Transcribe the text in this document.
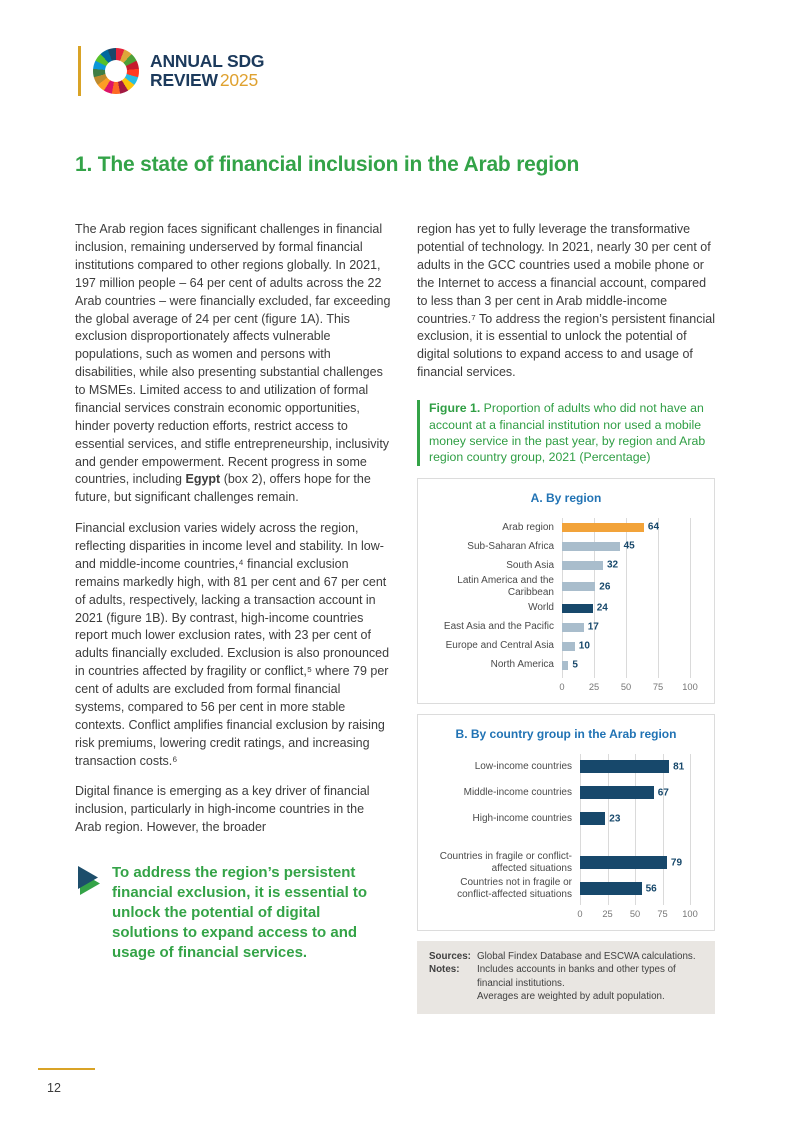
ANNUAL SDG
REVIEW 2025
1. The state of financial inclusion in the Arab region

The Arab region faces significant challenges in financial inclusion, remaining underserved by formal financial institutions compared to other regions globally. In 2021, 197 million people – 64 per cent of adults across the 22 Arab countries – were financially excluded, far exceeding the global average of 24 per cent (figure 1A). This exclusion disproportionately affects vulnerable populations, such as women and persons with disabilities, while also presenting substantial challenges to MSMEs. Limited access to and utilization of formal financial services constrain economic opportunities, hinder poverty reduction efforts, restrict access to essential services, and stifle entrepreneurship, inclusivity and gender empowerment. Recent progress in some countries, including Egypt (box 2), offers hope for the future, but significant challenges remain.

Financial exclusion varies widely across the region, reflecting disparities in income level and stability. In low- and middle-income countries,⁴ financial exclusion remains markedly high, with 81 per cent and 67 per cent of adults, respectively, lacking a transaction account in 2021 (figure 1B). By contrast, high-income countries report much lower exclusion rates, with 23 per cent of adults financially excluded. Exclusion is also pronounced in countries affected by fragility or conflict,⁵ where 79 per cent of adults are excluded from formal financial systems, compared to 56 per cent in more stable contexts. Conflict amplifies financial exclusion by raising risk premiums, lowering credit ratings, and increasing transaction costs.⁶

Digital finance is emerging as a key driver of financial inclusion, particularly in high-income countries in the Arab region. However, the broader

To address the region’s persistent financial exclusion, it is essential to unlock the potential of digital solutions to expand access to and usage of financial services.

region has yet to fully leverage the transformative potential of technology. In 2021, nearly 30 per cent of adults in the GCC countries used a mobile phone or the Internet to access a financial account, compared to less than 3 per cent in Arab middle-income countries.⁷ To address the region’s persistent financial exclusion, it is essential to unlock the potential of digital solutions to expand access to and usage of financial services.

Figure 1. Proportion of adults who did not have an account at a financial institution nor used a mobile money service in the past year, by region and Arab region country group, 2021 (Percentage)
A. By region
Arab region	64
Sub-Saharan Africa	45
South Asia	32
Latin America and the Caribbean	26
World	24
East Asia and the Pacific	17
Europe and Central Asia	10
North America	5
0	25 50 75 100
B. By country group in the Arab region
Low-income countries	81
Middle-income countries	67
High-income countries	23
Countries in fragile or conflict-affected situations	79
Countries not in fragile or conflict-affected situations	56
0 25 50 75 100
Sources: Global Findex Database and ESCWA calculations.
Notes:	Includes accounts in banks and other types of financial institutions.
Averages are weighted by adult population.
12
